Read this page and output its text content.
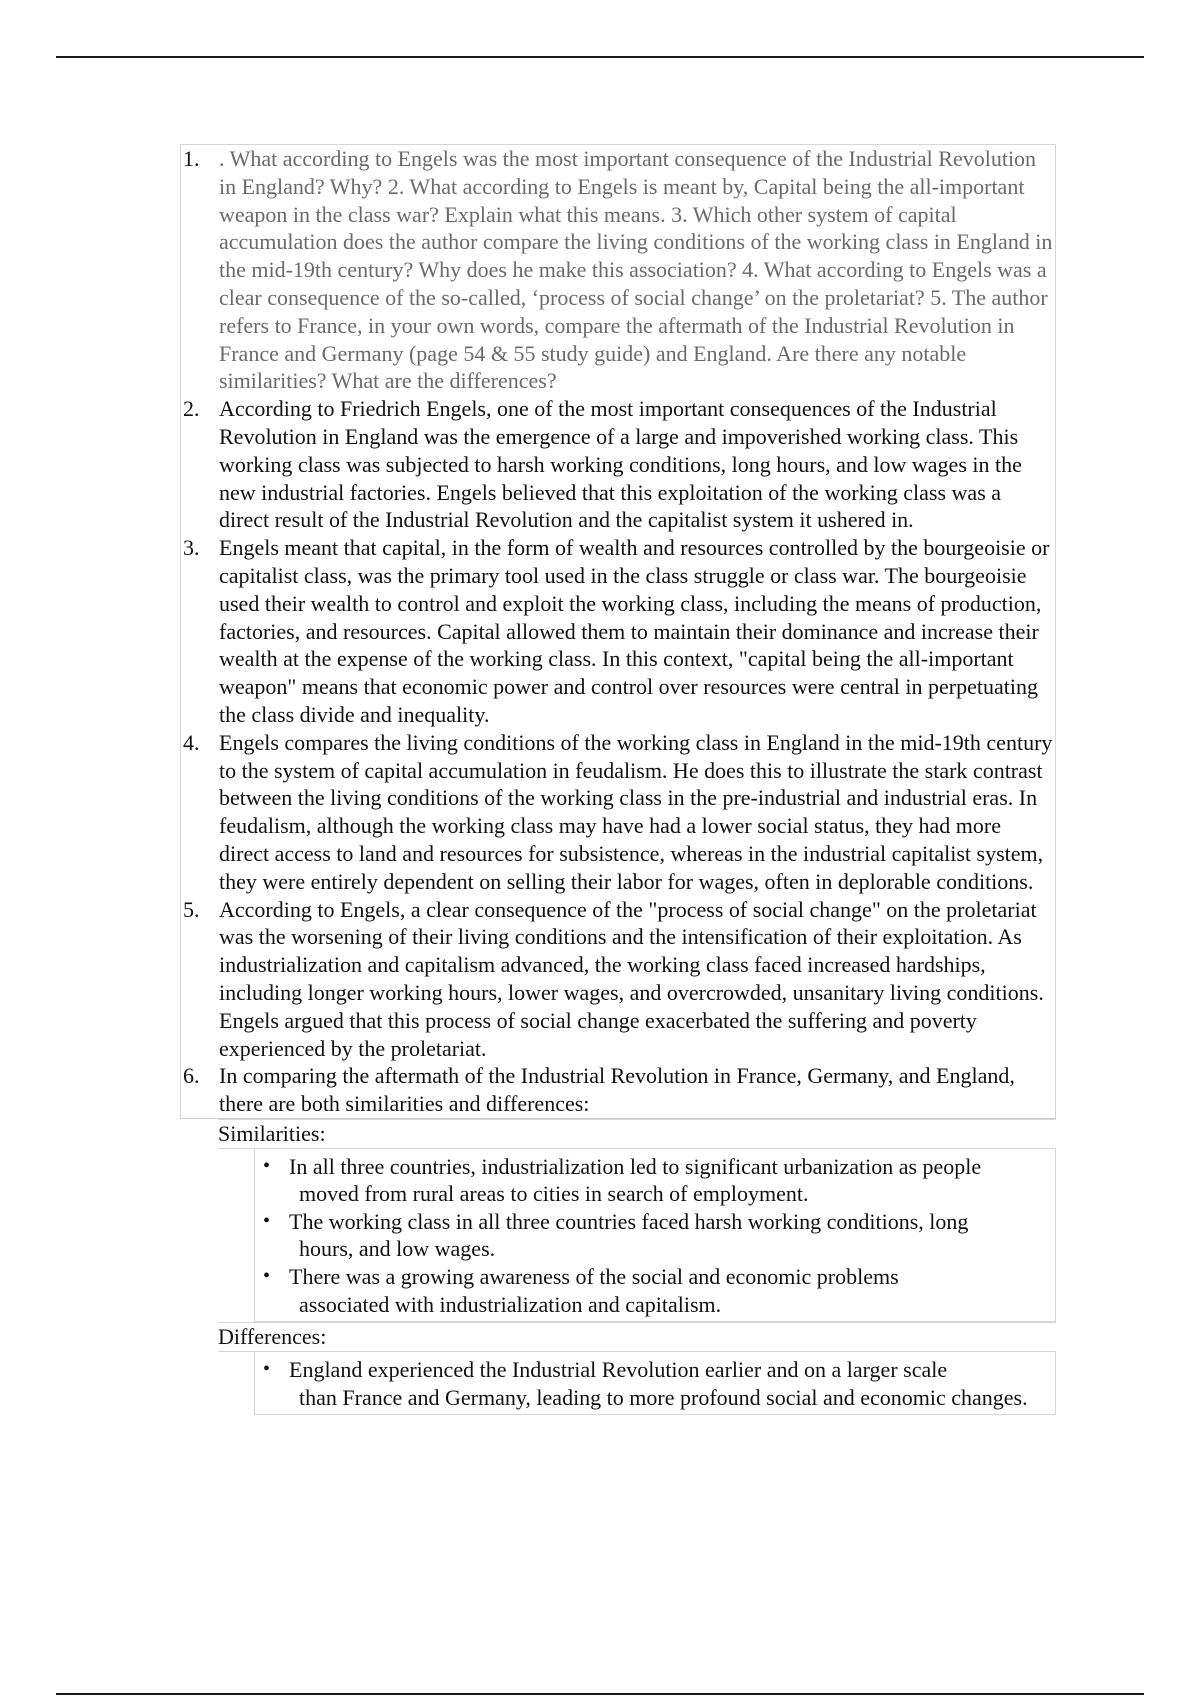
1. . What according to Engels was the most important consequence of the Industrial Revolution in England? Why? 2. What according to Engels is meant by, Capital being the all-important weapon in the class war? Explain what this means. 3. Which other system of capital accumulation does the author compare the living conditions of the working class in England in the mid-19th century? Why does he make this association? 4. What according to Engels was a clear consequence of the so-called, ‘process of social change’ on the proletariat? 5. The author refers to France, in your own words, compare the aftermath of the Industrial Revolution in France and Germany (page 54 & 55 study guide) and England. Are there any notable similarities? What are the differences?
2. According to Friedrich Engels, one of the most important consequences of the Industrial Revolution in England was the emergence of a large and impoverished working class. This working class was subjected to harsh working conditions, long hours, and low wages in the new industrial factories. Engels believed that this exploitation of the working class was a direct result of the Industrial Revolution and the capitalist system it ushered in.
3. Engels meant that capital, in the form of wealth and resources controlled by the bourgeoisie or capitalist class, was the primary tool used in the class struggle or class war. The bourgeoisie used their wealth to control and exploit the working class, including the means of production, factories, and resources. Capital allowed them to maintain their dominance and increase their wealth at the expense of the working class. In this context, "capital being the all-important weapon" means that economic power and control over resources were central in perpetuating the class divide and inequality.
4. Engels compares the living conditions of the working class in England in the mid-19th century to the system of capital accumulation in feudalism. He does this to illustrate the stark contrast between the living conditions of the working class in the pre-industrial and industrial eras. In feudalism, although the working class may have had a lower social status, they had more direct access to land and resources for subsistence, whereas in the industrial capitalist system, they were entirely dependent on selling their labor for wages, often in deplorable conditions.
5. According to Engels, a clear consequence of the "process of social change" on the proletariat was the worsening of their living conditions and the intensification of their exploitation. As industrialization and capitalism advanced, the working class faced increased hardships, including longer working hours, lower wages, and overcrowded, unsanitary living conditions. Engels argued that this process of social change exacerbated the suffering and poverty experienced by the proletariat.
6. In comparing the aftermath of the Industrial Revolution in France, Germany, and England, there are both similarities and differences:
Similarities:
• In all three countries, industrialization led to significant urbanization as people
moved from rural areas to cities in search of employment.
• The working class in all three countries faced harsh working conditions, long
hours, and low wages.
• There was a growing awareness of the social and economic problems
associated with industrialization and capitalism.
Differences:
• England experienced the Industrial Revolution earlier and on a larger scale
than France and Germany, leading to more profound social and economic changes.
